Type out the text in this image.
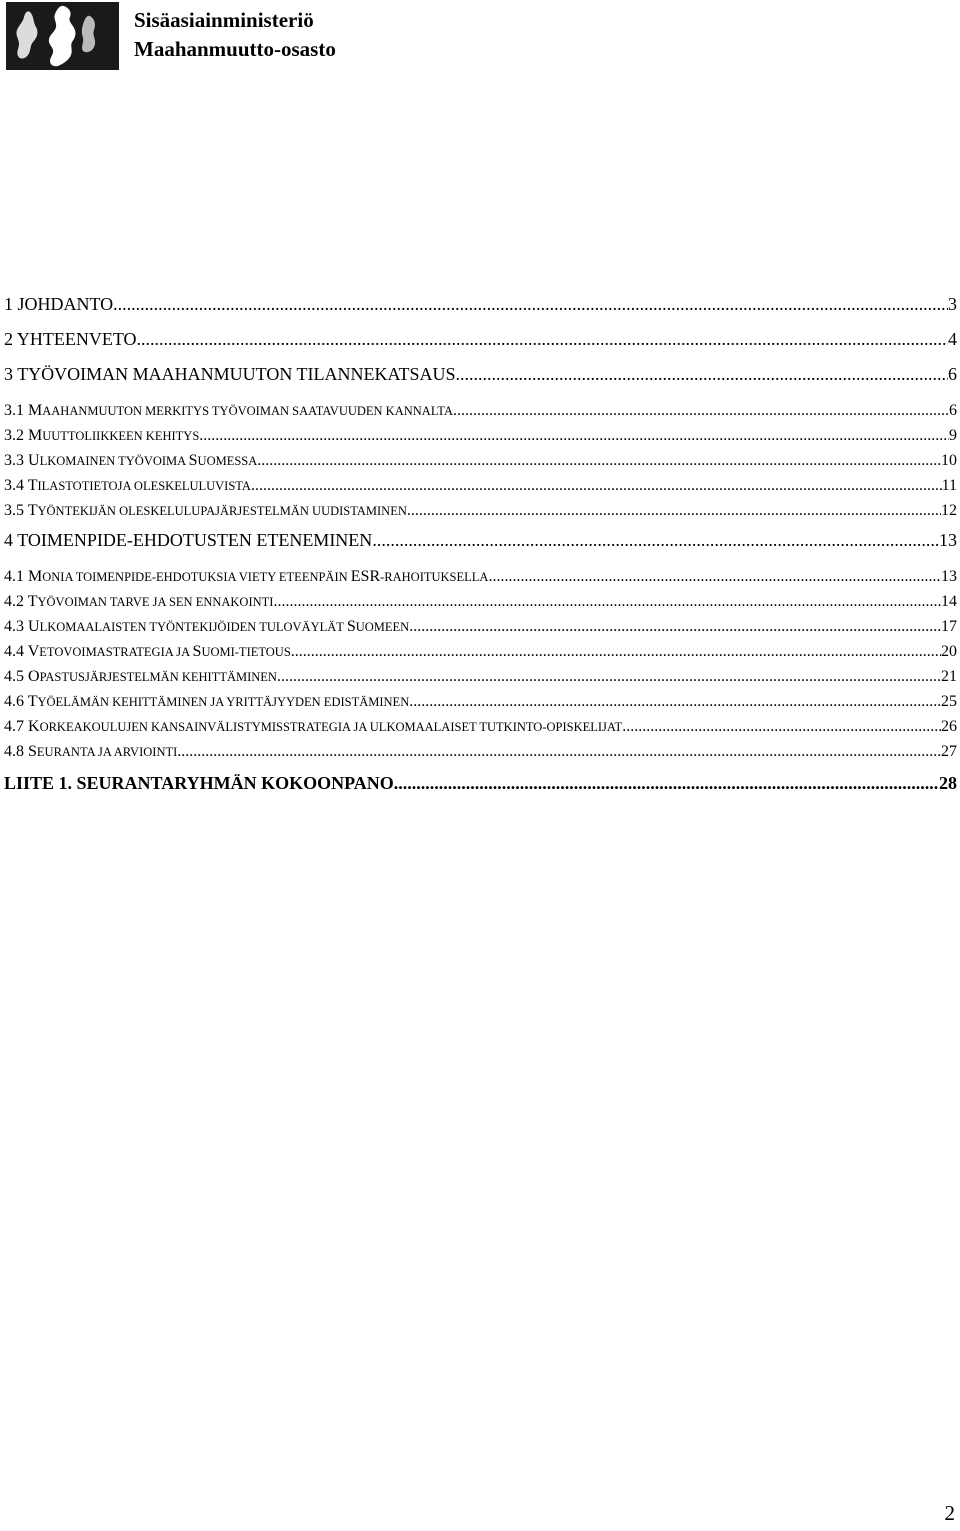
Sisäasiainministeriö
Maahanmuutto-osasto
1 JOHDANTO .....	3
2 YHTEENVETO .....	4
3 TYÖVOIMAN MAAHANMUUTON TILANNEKATSAUS .....	6
3.1 MAAHANMUUTON MERKITYS TYÖVOIMAN SAATAVUUDEN KANNALTA .....	6
3.2 MUUTTOLIIKKEEN KEHITYS .....	9
3.3 ULKOMAINEN TYÖVOIMA SUOMESSA .....	10
3.4 TILASTOTIETOJA OLESKELULUVISTA .....	11
3.5 TYÖNTEKIJÄN OLESKELULUPAJÄRJESTELMÄN UUDISTAMINEN .....	12
4 TOIMENPIDE-EHDOTUSTEN ETENEMINEN .....	13
4.1 MONIA TOIMENPIDE-EHDOTUKSIA VIETY ETEENPÄIN ESR-RAHOITUKSELLA .....	13
4.2 TYÖVOIMAN TARVE JA SEN ENNAKOINTI .....	14
4.3 ULKOMAALAISTEN TYÖNTEKIJÖIDEN TULOVÄYLÄT SUOMEEN .....	17
4.4 VETOVOIMASTRATEGIA JA SUOMI-TIETOUS .....	20
4.5 OPASTUSJÄRJESTELMÄN KEHITTÄMINEN .....	21
4.6 TYÖELÄMÄN KEHITTÄMINEN JA YRITTÄJYYDEN EDISTÄMINEN .....	25
4.7 KORKEAKOULUJEN KANSAINVÄLISTYMISSTRATEGIA JA ULKOMAALAISET TUTKINTO-OPISKELIJAT .....	26
4.8 SEURANTA JA ARVIOINTI .....	27
LIITE 1. SEURANTARYHMÄN KOKOONPANO .....	28
2
